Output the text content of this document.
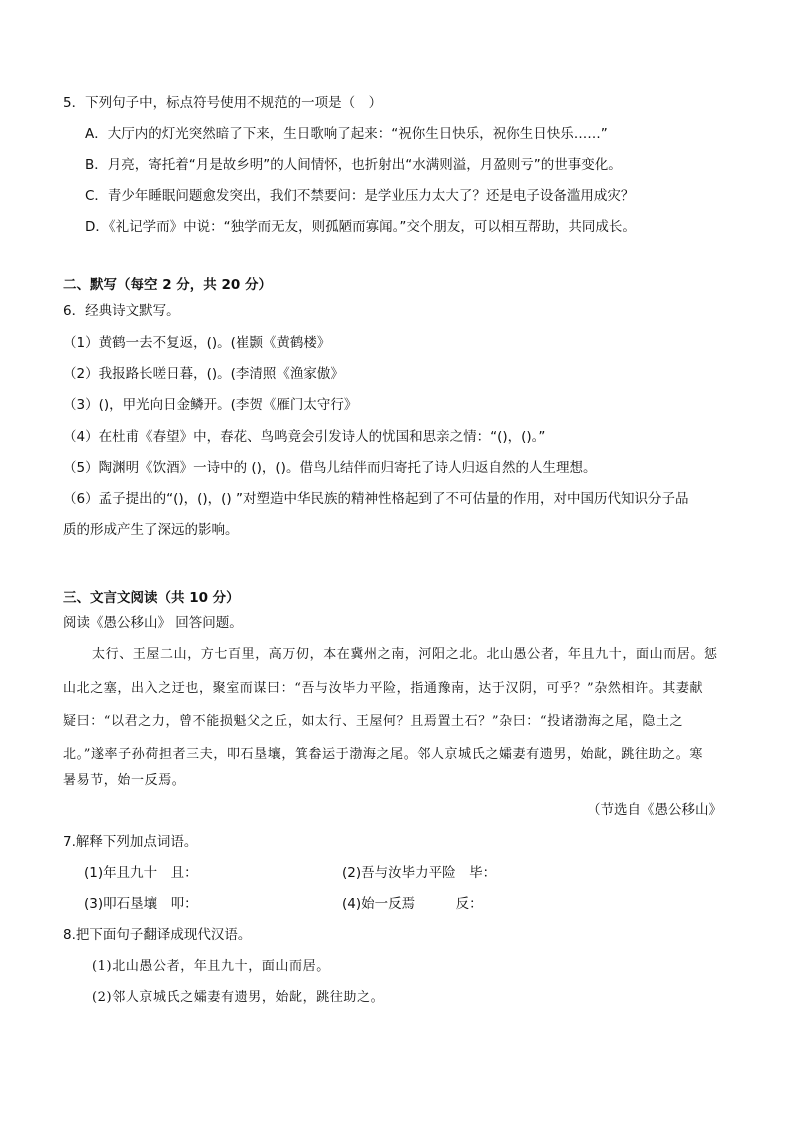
5．下列句子中，标点符号使用不规范的一项是（　）
A．大厅内的灯光突然暗了下来，生日歌响了起来：“祝你生日快乐，祝你生日快乐……”
B．月亮，寄托着“月是故乡明”的人间情怀，也折射出“水满则溢，月盈则亏”的世事变化。
C．青少年睡眠问题愈发突出，我们不禁要问：是学业压力太大了？还是电子设备滥用成灾？
D．《礼记学而》中说：“独学而无友，则孤陋而寡闻。”交个朋友，可以相互帮助，共同成长。
二、默写（每空 2 分，共 20 分）
6．经典诗文默写。
（1）黄鹤一去不复返，()。(崔颢《黄鹤楼》
（2）我报路长嗟日暮，()。(李清照《渔家傲》
（3）()，甲光向日金鳞开。(李贺《雁门太守行》
（4）在杜甫《春望》中，春花、鸟鸣竟会引发诗人的忧国和思亲之情：“()，()。”
（5）陶渊明《饮酒》一诗中的 ()，()。借鸟儿结伴而归寄托了诗人归返自然的人生理想。
（6）孟子提出的“()，()，() ”对塑造中华民族的精神性格起到了不可估量的作用，对中国历代知识分子品
质的形成产生了深远的影响。
三、文言文阅读（共 10 分）
阅读《愚公移山》 回答问题。
太行、王屋二山，方七百里，高万仞，本在冀州之南，河阳之北。北山愚公者，年且九十，面山而居。惩
山北之塞，出入之迂也，聚室而谋曰：“吾与汝毕力平险，指通豫南，达于汉阴，可乎？”杂然相许。其妻献
疑曰：“以君之力，曾不能损魁父之丘，如太行、王屋何？且焉置土石？”杂曰：“投诸渤海之尾，隐土之
北。”遂率子孙荷担者三夫，叩石垦壤，箕畚运于渤海之尾。邻人京城氏之孀妻有遗男，始龀，跳往助之。寒
暑易节，始一反焉。
（节选自《愚公移山》
7.解释下列加点词语。
(1)年且九十　且：	(2)吾与汝毕力平险　毕：
(3)叩石垦壤　叩：	(4)始一反焉　　　反：
8.把下面句子翻译成现代汉语。
(1)北山愚公者，年且九十，面山而居。
(2)邻人京城氏之孀妻有遗男，始龀，跳往助之。
